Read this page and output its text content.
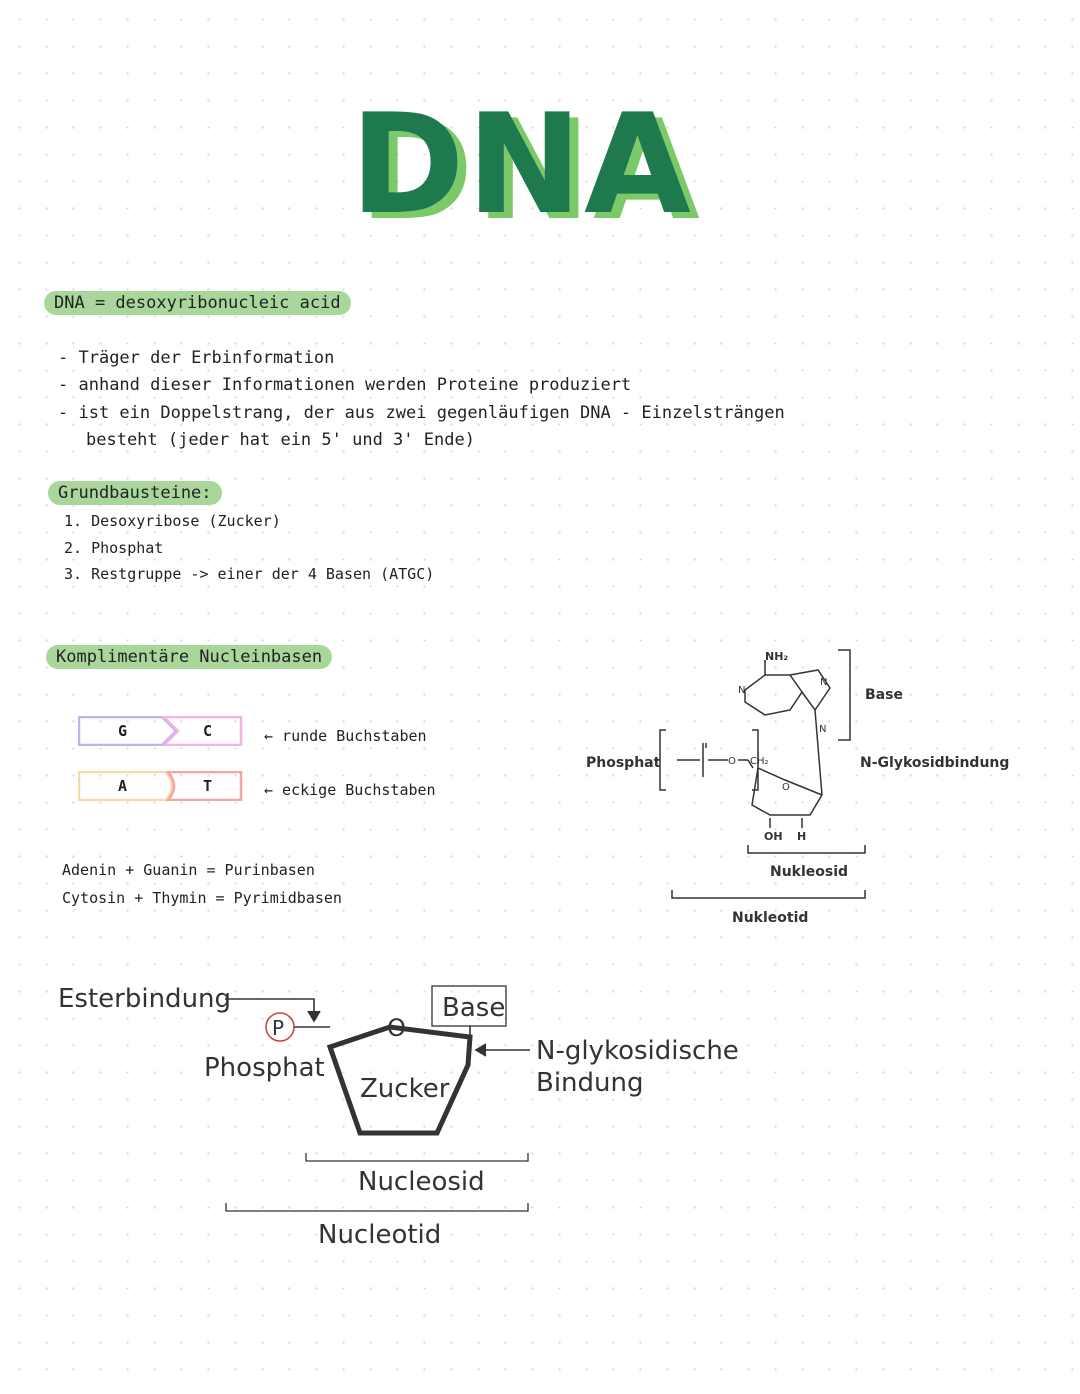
DNA
DNA = desoxyribonucleic acid
- Träger der Erbinformation
- anhand dieser Informationen werden Proteine produziert
- ist ein Doppelstrang, der aus zwei gegenläufigen DNA - Einzelsträngen
besteht (jeder hat ein 5' und 3' Ende)
Grundbausteine:
1. Desoxyribose (Zucker)
2. Phosphat
3. Restgruppe -> einer der 4 Basen (ATGC)
Komplimentäre Nucleinbasen
G	C	← runde Buchstaben
A	T	← eckige Buchstaben
Adenin + Guanin = Purinbasen
Cytosin + Thymin = Pyrimidbasen
Phosphat
Base
N-Glykosidbindung
Nukleosid
Nukleotid
NH₂
N
N
N
O CH₂
O
OH H
Esterbindung
P
Phosphat
O
Base
Zucker
N-glykosidische
Bindung
Nucleosid
Nucleotid
